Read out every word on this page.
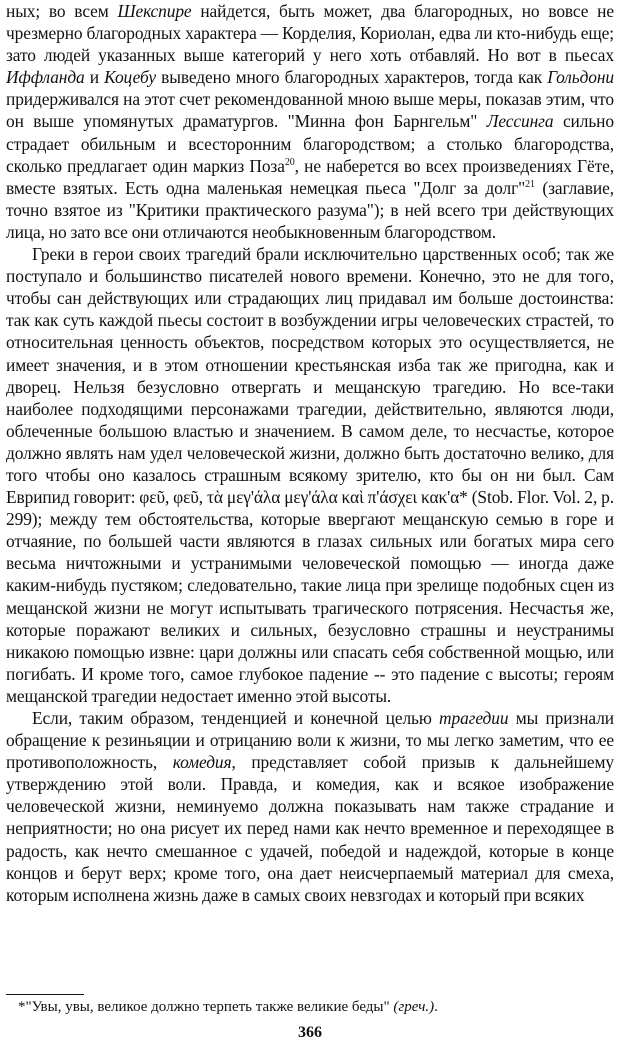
ных; во всем Шекспире найдется, быть может, два благородных, но вовсе не чрезмерно благородных характера — Корделия, Кориолан, едва ли кто-нибудь еще; зато людей указанных выше категорий у него хоть отбавляй. Но вот в пьесах Иффланда и Коцебу выведено много благородных характеров, тогда как Гольдони придерживался на этот счет рекомендованной мною выше меры, показав этим, что он выше упомянутых драматургов. "Минна фон Барнгельм" Лессинга сильно страдает обильным и всесторонним благородством; а столько благородства, сколько предлагает один маркиз Поза$^{20}$, не наберется во всех произведениях Гёте, вместе взятых. Есть одна маленькая немецкая пьеса "Долг за долг"$^{21}$ (заглавие, точно взятое из "Критики практического разума"); в ней всего три действующих лица, но зато все они отличаются необыкновенным благородством.

Греки в герои своих трагедий брали исключительно царственных особ; так же поступало и большинство писателей нового времени. Конечно, это не для того, чтобы сан действующих или страдающих лиц придавал им больше достоинства: так как суть каждой пьесы состоит в возбуждении игры человеческих страстей, то относительная ценность объектов, посредством которых это осуществляется, не имеет значения, и в этом отношении крестьянская изба так же пригодна, как и дворец. Нельзя безусловно отвергать и мещанскую трагедию. Но все-таки наиболее подходящими персонажами трагедии, действительно, являются люди, облеченные большою властью и значением. В самом деле, то несчастье, которое должно являть нам удел человеческой жизни, должно быть достаточно велико, для того чтобы оно казалось страшным всякому зрителю, кто бы он ни был. Сам Еврипид говорит: φεῦ, φεῦ, τὰ μεγ'άλα μεγ'άλα καὶ π'άσχει κακ'α* (Stob. Flor. Vol. 2, p. 299); между тем обстоятельства, которые ввергают мещанскую семью в горе и отчаяние, по большей части являются в глазах сильных или богатых мира сего весьма ничтожными и устранимыми человеческой помощью — иногда даже каким-нибудь пустяком; следовательно, такие лица при зрелище подобных сцен из мещанской жизни не могут испытывать трагического потрясения. Несчастья же, которые поражают великих и сильных, безусловно страшны и неустранимы никакою помощью извне: цари должны или спасать себя собственной мощью, или погибать. И кроме того, самое глубокое падение -- это падение с высоты; героям мещанской трагедии недостает именно этой высоты.

Если, таким образом, тенденцией и конечной целью трагедии мы признали обращение к резиньяции и отрицанию воли к жизни, то мы легко заметим, что ее противоположность, комедия, представляет собой призыв к дальнейшему утверждению этой воли. Правда, и комедия, как и всякое изображение человеческой жизни, неминуемо должна показывать нам также страдание и неприятности; но она рисует их перед нами как нечто временное и переходящее в радость, как нечто смешанное с удачей, победой и надеждой, которые в конце концов и берут верх; кроме того, она дает неисчерпаемый материал для смеха, которым исполнена жизнь даже в самых своих невзгодах и который при всяких

*"Увы, увы, великое должно терпеть также великие беды" (греч.).
366
